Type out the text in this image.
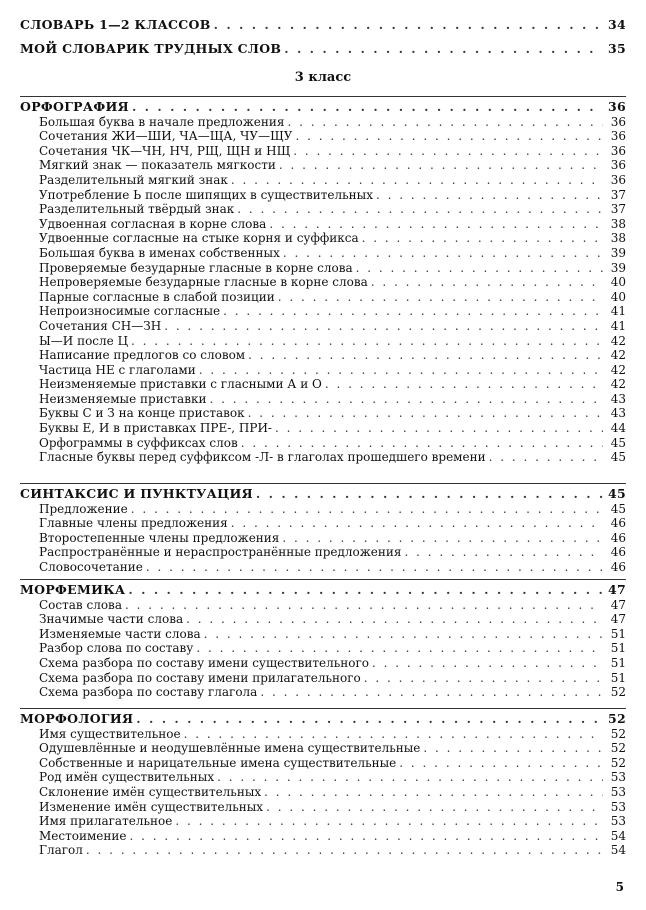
СЛОВАРЬ 1—2 КЛАССОВ . . .	34
МОЙ СЛОВАРИК ТРУДНЫХ СЛОВ . . .	35
3 класс
ОРФОГРАФИЯ . . .	36
Большая буква в начале предложения . . .	36
Сочетания ЖИ—ШИ, ЧА—ЩА, ЧУ—ЩУ . . .	36
Сочетания ЧК—ЧН, НЧ, РЩ, ЩН и НЩ . . .	36
Мягкий знак — показатель мягкости . . .	36
Разделительный мягкий знак . . .	36
Употребление Ь после шипящих в существительных . . .	37
Разделительный твёрдый знак . . .	37
Удвоенная согласная в корне слова . . .	38
Удвоенные согласные на стыке корня и суффикса . . .	38
Большая буква в именах собственных . . .	39
Проверяемые безударные гласные в корне слова . . .	39
Непроверяемые безударные гласные в корне слова . . .	40
Парные согласные в слабой позиции . . .	40
Непроизносимые согласные . . .	41
Сочетания СН—ЗН . . .	41
Ы—И после Ц . . .	42
Написание предлогов со словом . . .	42
Частица НЕ с глаголами . . .	42
Неизменяемые приставки с гласными А и О . . .	42
Неизменяемые приставки . . .	43
Буквы С и З на конце приставок . . .	43
Буквы Е, И в приставках ПРЕ-, ПРИ- . . .	44
Орфограммы в суффиксах слов . . .	45
Гласные буквы перед суффиксом -Л- в глаголах прошедшего времени . . .	45
СИНТАКСИС И ПУНКТУАЦИЯ . . .	45
Предложение . . .	45
Главные члены предложения . . .	46
Второстепенные члены предложения . . .	46
Распространённые и нераспространённые предложения . . .	46
Словосочетание . . .	46
МОРФЕМИКА . . .	47
Состав слова . . .	47
Значимые части слова . . .	47
Изменяемые части слова . . .	51
Разбор слова по составу . . .	51
Схема разбора по составу имени существительного . . .	51
Схема разбора по составу имени прилагательного . . .	51
Схема разбора по составу глагола . . .	52
МОРФОЛОГИЯ . . .	52
Имя существительное . . .	52
Одушевлённые и неодушевлённые имена существительные . . .	52
Собственные и нарицательные имена существительные . . .	52
Род имён существительных . . .	53
Склонение имён существительных . . .	53
Изменение имён существительных . . .	53
Имя прилагательное . . .	53
Местоимение . . .	54
Глагол . . .	54
5
